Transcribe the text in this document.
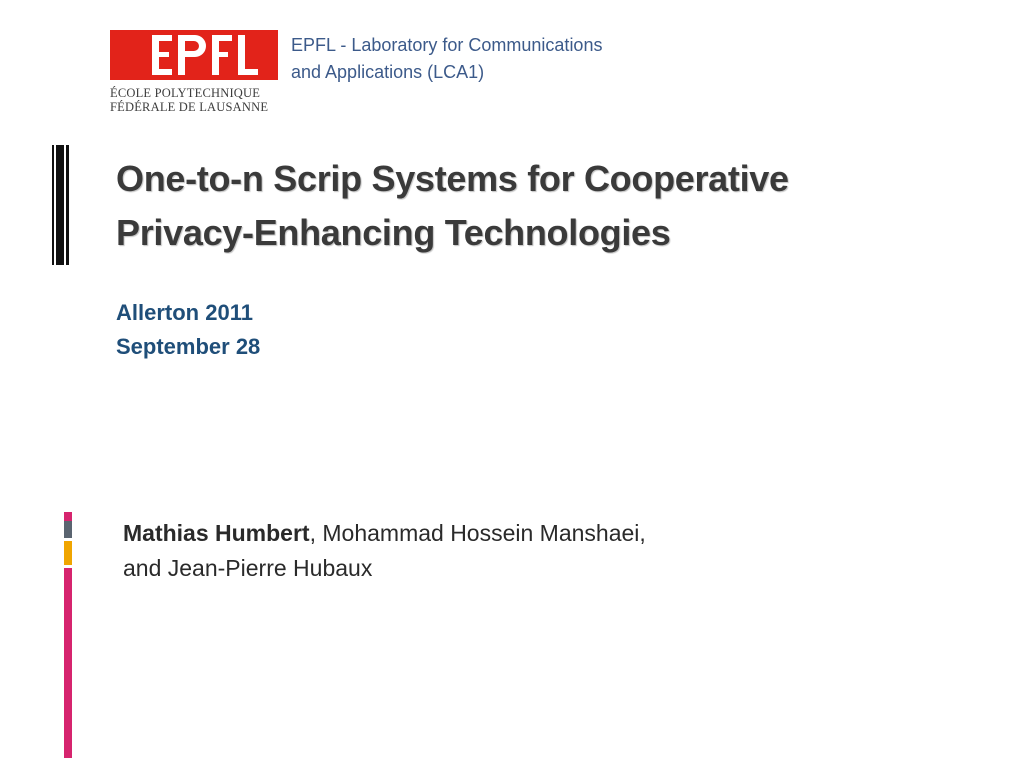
ÉCOLE POLYTECHNIQUE
FÉDÉRALE DE LAUSANNE
EPFL - Laboratory for Communications
and Applications (LCA1)
One-to-n Scrip Systems for Cooperative
Privacy-Enhancing Technologies
Allerton 2011
September 28
Mathias Humbert, Mohammad Hossein Manshaei,
and Jean-Pierre Hubaux
